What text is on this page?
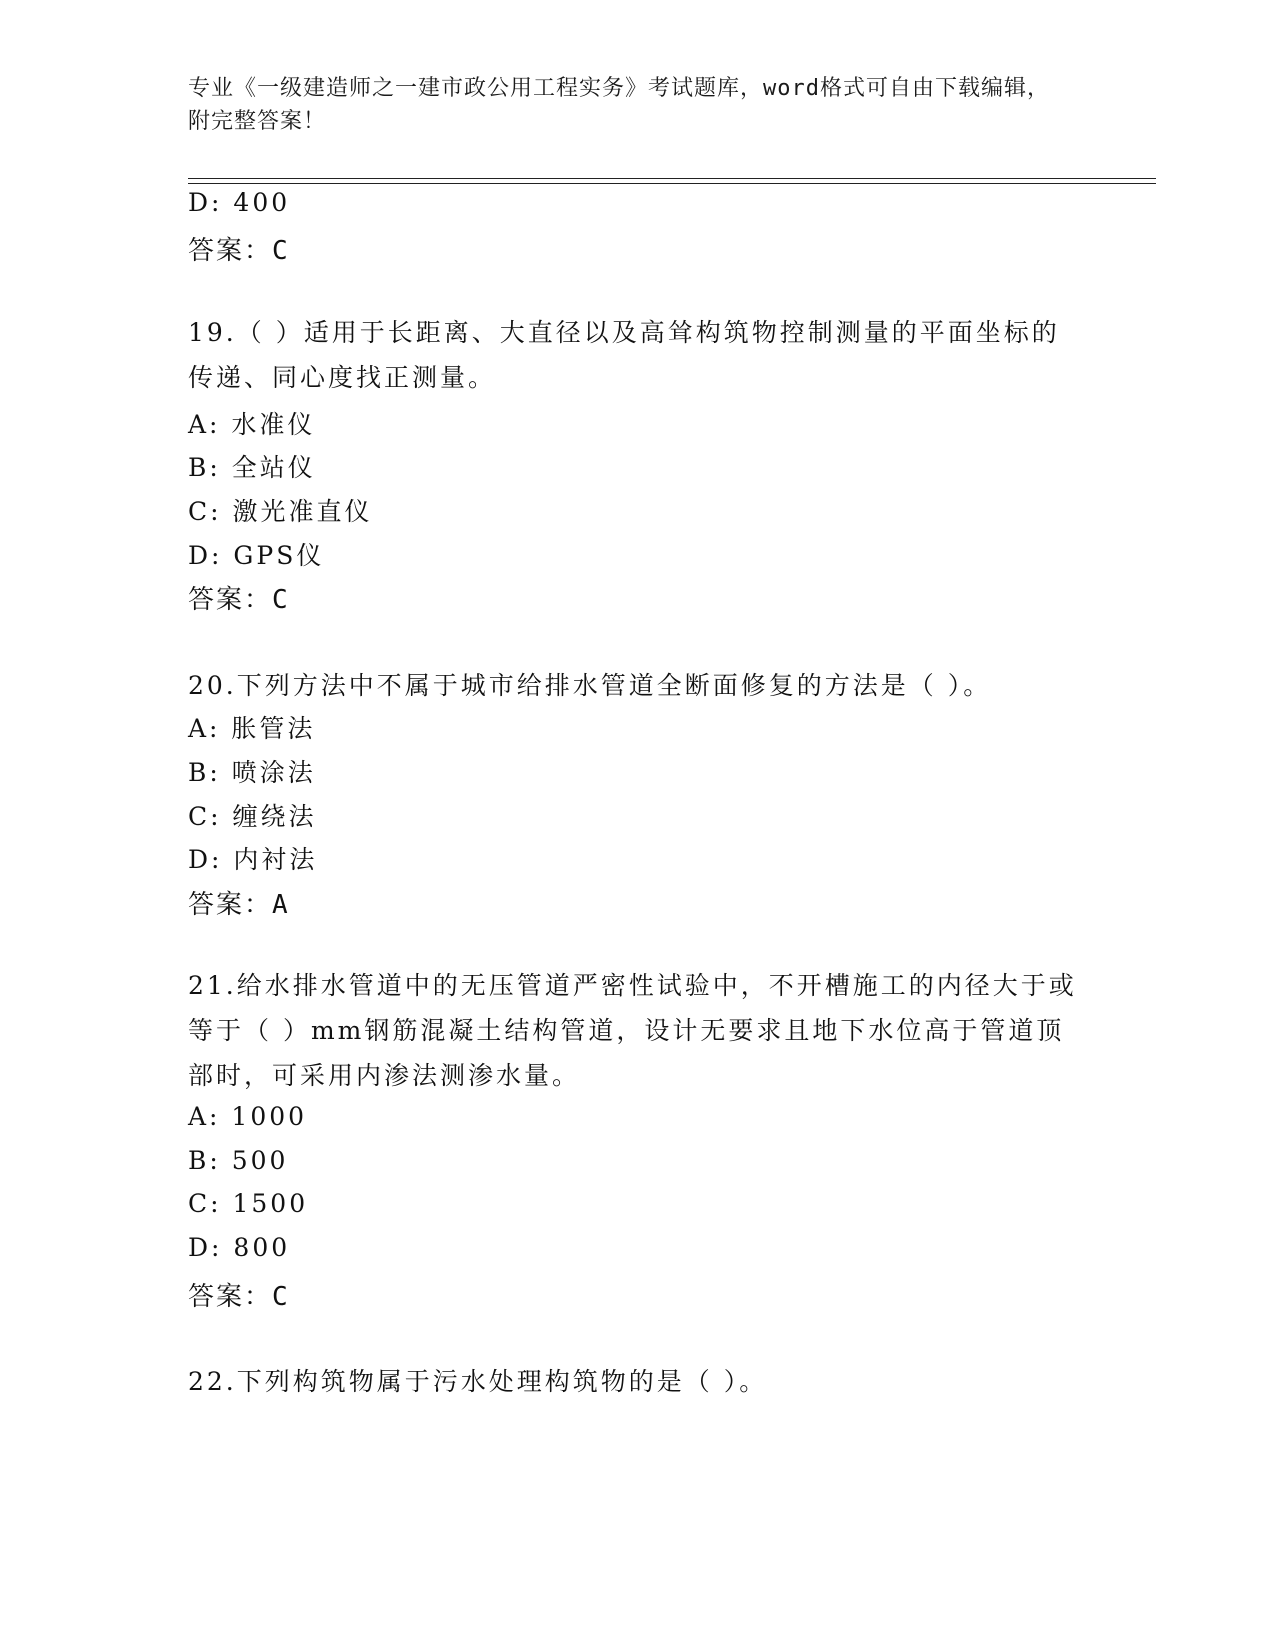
专业《一级建造师之一建市政公用工程实务》考试题库，word格式可自由下载编辑，附完整答案！
D: 400
答案：C
19.（ ）适用于长距离、大直径以及高耸构筑物控制测量的平面坐标的传递、同心度找正测量。
A: 水准仪
B: 全站仪
C: 激光准直仪
D: GPS仪
答案：C
20.下列方法中不属于城市给排水管道全断面修复的方法是（ ）。
A: 胀管法
B: 喷涂法
C: 缠绕法
D: 内衬法
答案：A
21.给水排水管道中的无压管道严密性试验中，不开槽施工的内径大于或等于（ ）mm钢筋混凝土结构管道，设计无要求且地下水位高于管道顶部时，可采用内渗法测渗水量。
A: 1000
B: 500
C: 1500
D: 800
答案：C
22.下列构筑物属于污水处理构筑物的是（ ）。
